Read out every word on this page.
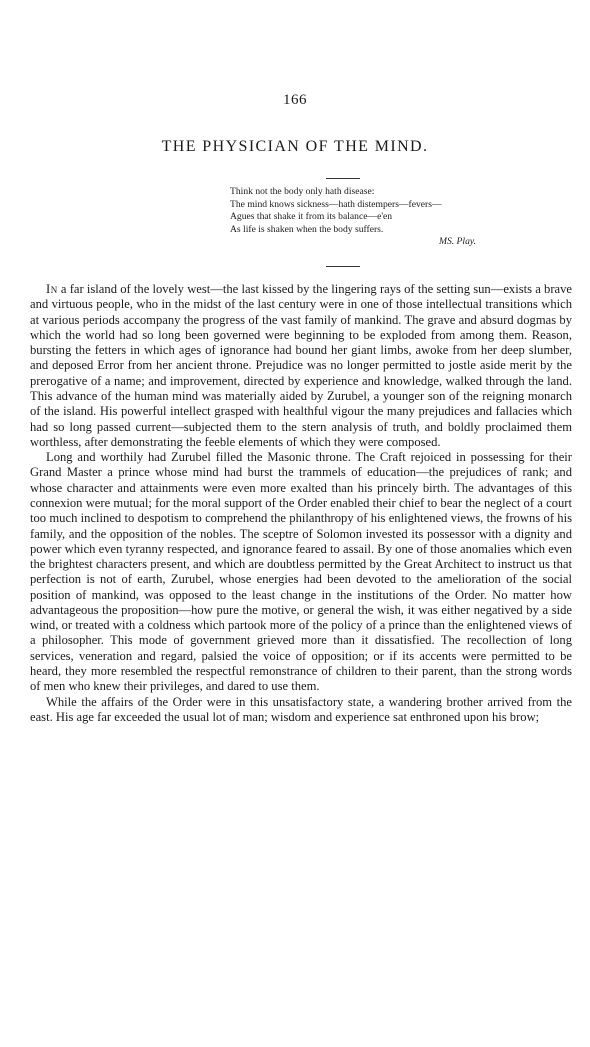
166
THE PHYSICIAN OF THE MIND.
Think not the body only hath disease:
The mind knows sickness—hath distempers—fevers—
Agues that shake it from its balance—e'en
As life is shaken when the body suffers.
MS. Play.

In a far island of the lovely west—the last kissed by the lingering rays of the setting sun—exists a brave and virtuous people, who in the midst of the last century were in one of those intellectual transitions which at various periods accompany the progress of the vast family of mankind. The grave and absurd dogmas by which the world had so long been governed were beginning to be exploded from among them. Reason, bursting the fetters in which ages of ignorance had bound her giant limbs, awoke from her deep slumber, and deposed Error from her ancient throne. Prejudice was no longer permitted to jostle aside merit by the prerogative of a name; and improvement, directed by experience and knowledge, walked through the land. This advance of the human mind was materially aided by Zurubel, a younger son of the reigning monarch of the island. His powerful intellect grasped with healthful vigour the many prejudices and fallacies which had so long passed current—subjected them to the stern analysis of truth, and boldly proclaimed them worthless, after demonstrating the feeble elements of which they were composed.

Long and worthily had Zurubel filled the Masonic throne. The Craft rejoiced in possessing for their Grand Master a prince whose mind had burst the trammels of education—the prejudices of rank; and whose character and attainments were even more exalted than his princely birth. The advantages of this connexion were mutual; for the moral support of the Order enabled their chief to bear the neglect of a court too much inclined to despotism to comprehend the philanthropy of his enlightened views, the frowns of his family, and the opposition of the nobles. The sceptre of Solomon invested its possessor with a dignity and power which even tyranny respected, and ignorance feared to assail. By one of those anomalies which even the brightest characters present, and which are doubtless permitted by the Great Architect to instruct us that perfection is not of earth, Zurubel, whose energies had been devoted to the amelioration of the social position of mankind, was opposed to the least change in the institutions of the Order. No matter how advantageous the proposition—how pure the motive, or general the wish, it was either negatived by a side wind, or treated with a coldness which partook more of the policy of a prince than the enlightened views of a philosopher. This mode of government grieved more than it dissatisfied. The recollection of long services, veneration and regard, palsied the voice of opposition; or if its accents were permitted to be heard, they more resembled the respectful remonstrance of children to their parent, than the strong words of men who knew their privileges, and dared to use them.

While the affairs of the Order were in this unsatisfactory state, a wandering brother arrived from the east. His age far exceeded the usual lot of man; wisdom and experience sat enthroned upon his brow;
